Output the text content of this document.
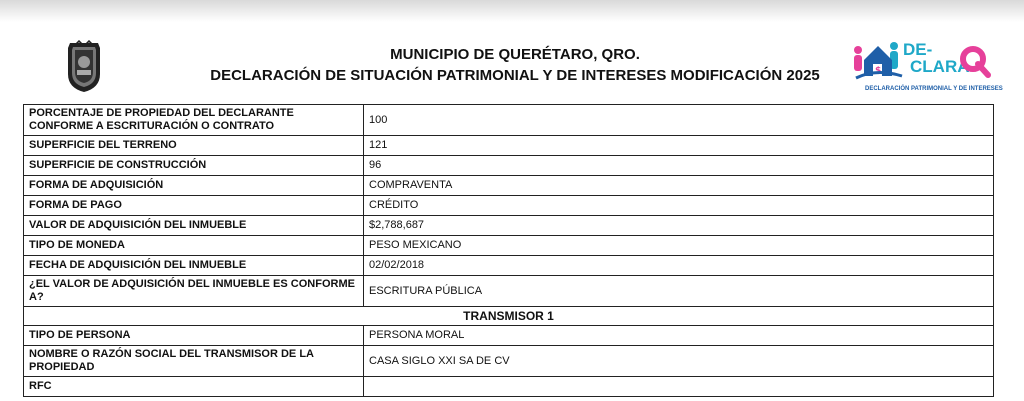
MUNICIPIO DE QUERÉTARO, QRO.
DECLARACIÓN DE SITUACIÓN PATRIMONIAL Y DE INTERESES MODIFICACIÓN 2025	$
DE-
CLARA
DECLARACIÓN PATRIMONIAL Y DE INTERESES
PORCENTAJE DE PROPIEDAD DEL DECLARANTE CONFORME A ESCRITURACIÓN O CONTRATO	100
SUPERFICIE DEL TERRENO	121
SUPERFICIE DE CONSTRUCCIÓN	96
FORMA DE ADQUISICIÓN	COMPRAVENTA
FORMA DE PAGO	CRÉDITO
VALOR DE ADQUISICIÓN DEL INMUEBLE	$2,788,687
TIPO DE MONEDA	PESO MEXICANO
FECHA DE ADQUISICIÓN DEL INMUEBLE	02/02/2018
¿EL VALOR DE ADQUISICIÓN DEL INMUEBLE ES CONFORME A?	ESCRITURA PÚBLICA
TRANSMISOR 1	
TIPO DE PERSONA	PERSONA MORAL
NOMBRE O RAZÓN SOCIAL DEL TRANSMISOR DE LA PROPIEDAD	CASA SIGLO XXI SA DE CV
RFC	
